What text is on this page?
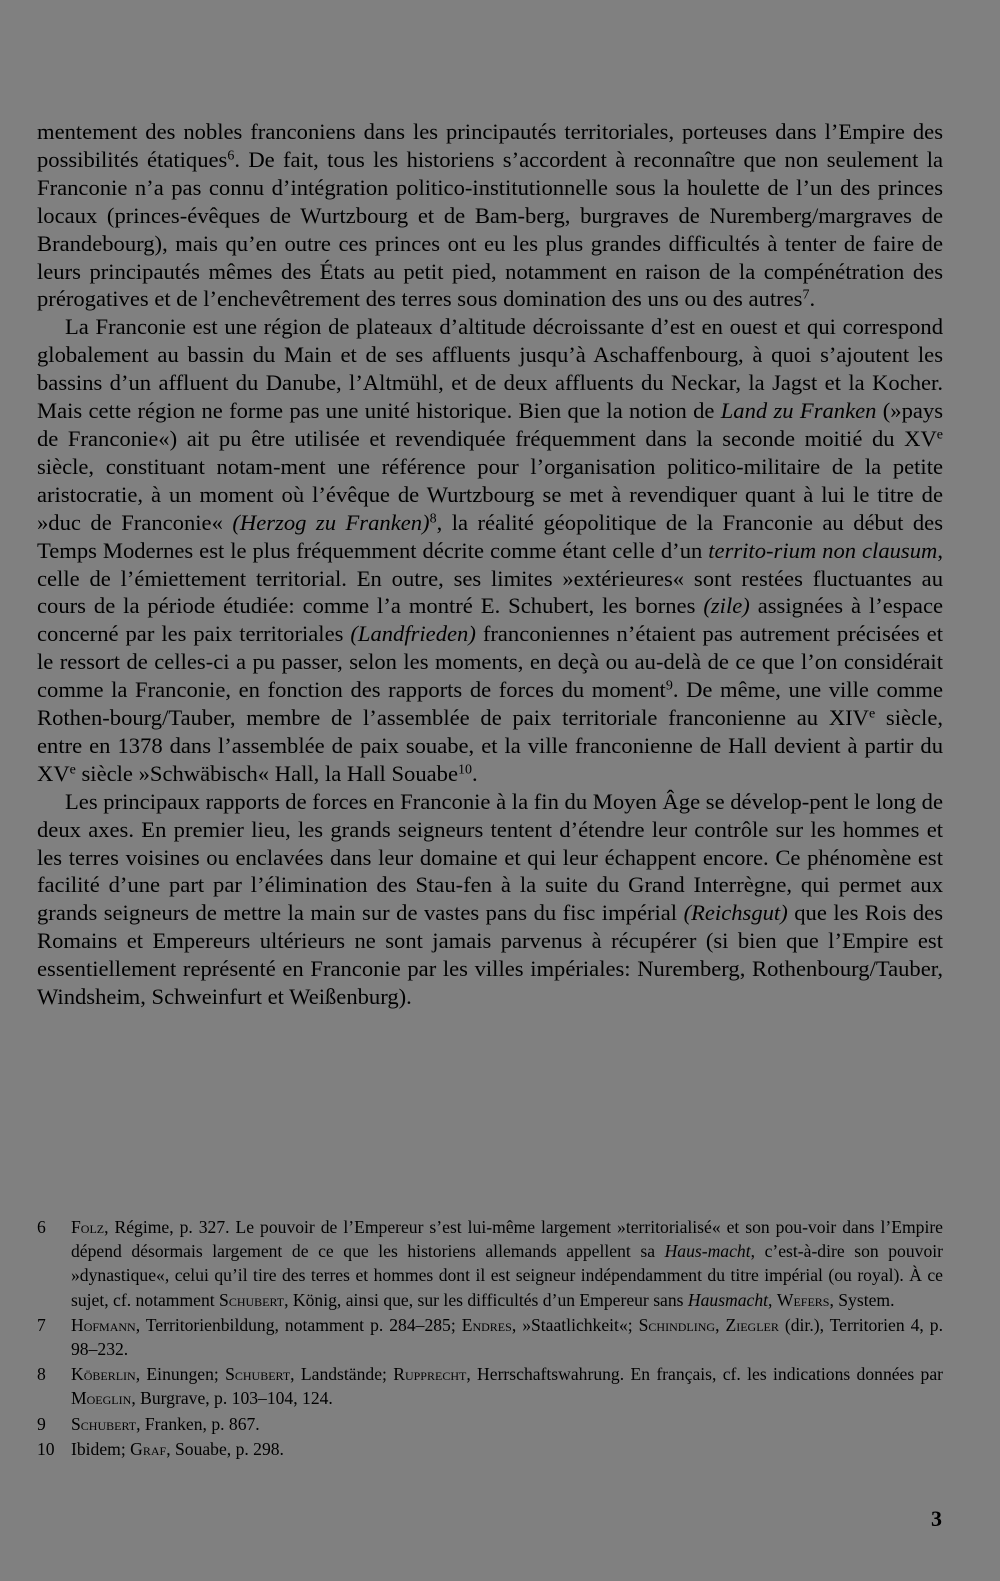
mentement des nobles franconiens dans les principautés territoriales, porteuses dans l’Empire des possibilités étatiques$^6$. De fait, tous les historiens s’accordent à reconnaître que non seulement la Franconie n’a pas connu d’intégration politico-institutionnelle sous la houlette de l’un des princes locaux (princes-évêques de Wurtzbourg et de Bam-berg, burgraves de Nuremberg/margraves de Brandebourg), mais qu’en outre ces princes ont eu les plus grandes difficultés à tenter de faire de leurs principautés mêmes des États au petit pied, notamment en raison de la compénétration des prérogatives et de l’enchevêtrement des terres sous domination des uns ou des autres$^7$.

La Franconie est une région de plateaux d’altitude décroissante d’est en ouest et qui correspond globalement au bassin du Main et de ses affluents jusqu’à Aschaffenbourg, à quoi s’ajoutent les bassins d’un affluent du Danube, l’Altmühl, et de deux affluents du Neckar, la Jagst et la Kocher. Mais cette région ne forme pas une unité historique. Bien que la notion de Land zu Franken (»pays de Franconie«) ait pu être utilisée et revendiquée fréquemment dans la seconde moitié du XVe siècle, constituant notam-ment une référence pour l’organisation politico-militaire de la petite aristocratie, à un moment où l’évêque de Wurtzbourg se met à revendiquer quant à lui le titre de »duc de Franconie« (Herzog zu Franken)$^8$, la réalité géopolitique de la Franconie au début des Temps Modernes est le plus fréquemment décrite comme étant celle d’un territo-rium non clausum, celle de l’émiettement territorial. En outre, ses limites »extérieures« sont restées fluctuantes au cours de la période étudiée: comme l’a montré E. Schubert, les bornes (zile) assignées à l’espace concerné par les paix territoriales (Landfrieden) franconiennes n’étaient pas autrement précisées et le ressort de celles-ci a pu passer, selon les moments, en deçà ou au-delà de ce que l’on considérait comme la Franconie, en fonction des rapports de forces du moment$^9$. De même, une ville comme Rothen-bourg/Tauber, membre de l’assemblée de paix territoriale franconienne au XIVe siècle, entre en 1378 dans l’assemblée de paix souabe, et la ville franconienne de Hall devient à partir du XVe siècle »Schwäbisch« Hall, la Hall Souabe$^{10}$.

Les principaux rapports de forces en Franconie à la fin du Moyen Âge se dévelop-pent le long de deux axes. En premier lieu, les grands seigneurs tentent d’étendre leur contrôle sur les hommes et les terres voisines ou enclavées dans leur domaine et qui leur échappent encore. Ce phénomène est facilité d’une part par l’élimination des Stau-fen à la suite du Grand Interrègne, qui permet aux grands seigneurs de mettre la main sur de vastes pans du fisc impérial (Reichsgut) que les Rois des Romains et Empereurs ultérieurs ne sont jamais parvenus à récupérer (si bien que l’Empire est essentiellement représenté en Franconie par les villes impériales: Nuremberg, Rothenbourg/Tauber, Windsheim, Schweinfurt et Weißenburg).

6	Folz, Régime, p. 327. Le pouvoir de l’Empereur s’est lui-même largement »territorialisé« et son pou-voir dans l’Empire dépend désormais largement de ce que les historiens allemands appellent sa Haus-macht, c’est-à-dire son pouvoir »dynastique«, celui qu’il tire des terres et hommes dont il est seigneur indépendamment du titre impérial (ou royal). À ce sujet, cf. notamment Schubert, König, ainsi que, sur les difficultés d’un Empereur sans Hausmacht, Wefers, System.
7	Hofmann, Territorienbildung, notamment p. 284–285; Endres, »Staatlichkeit«; Schindling, Ziegler (dir.), Territorien 4, p. 98–232.
8	Köberlin, Einungen; Schubert, Landstände; Rupprecht, Herrschaftswahrung. En français, cf. les indications données par Moeglin, Burgrave, p. 103–104, 124.
9	Schubert, Franken, p. 867.
10 Ibidem; Graf, Souabe, p. 298.
3
